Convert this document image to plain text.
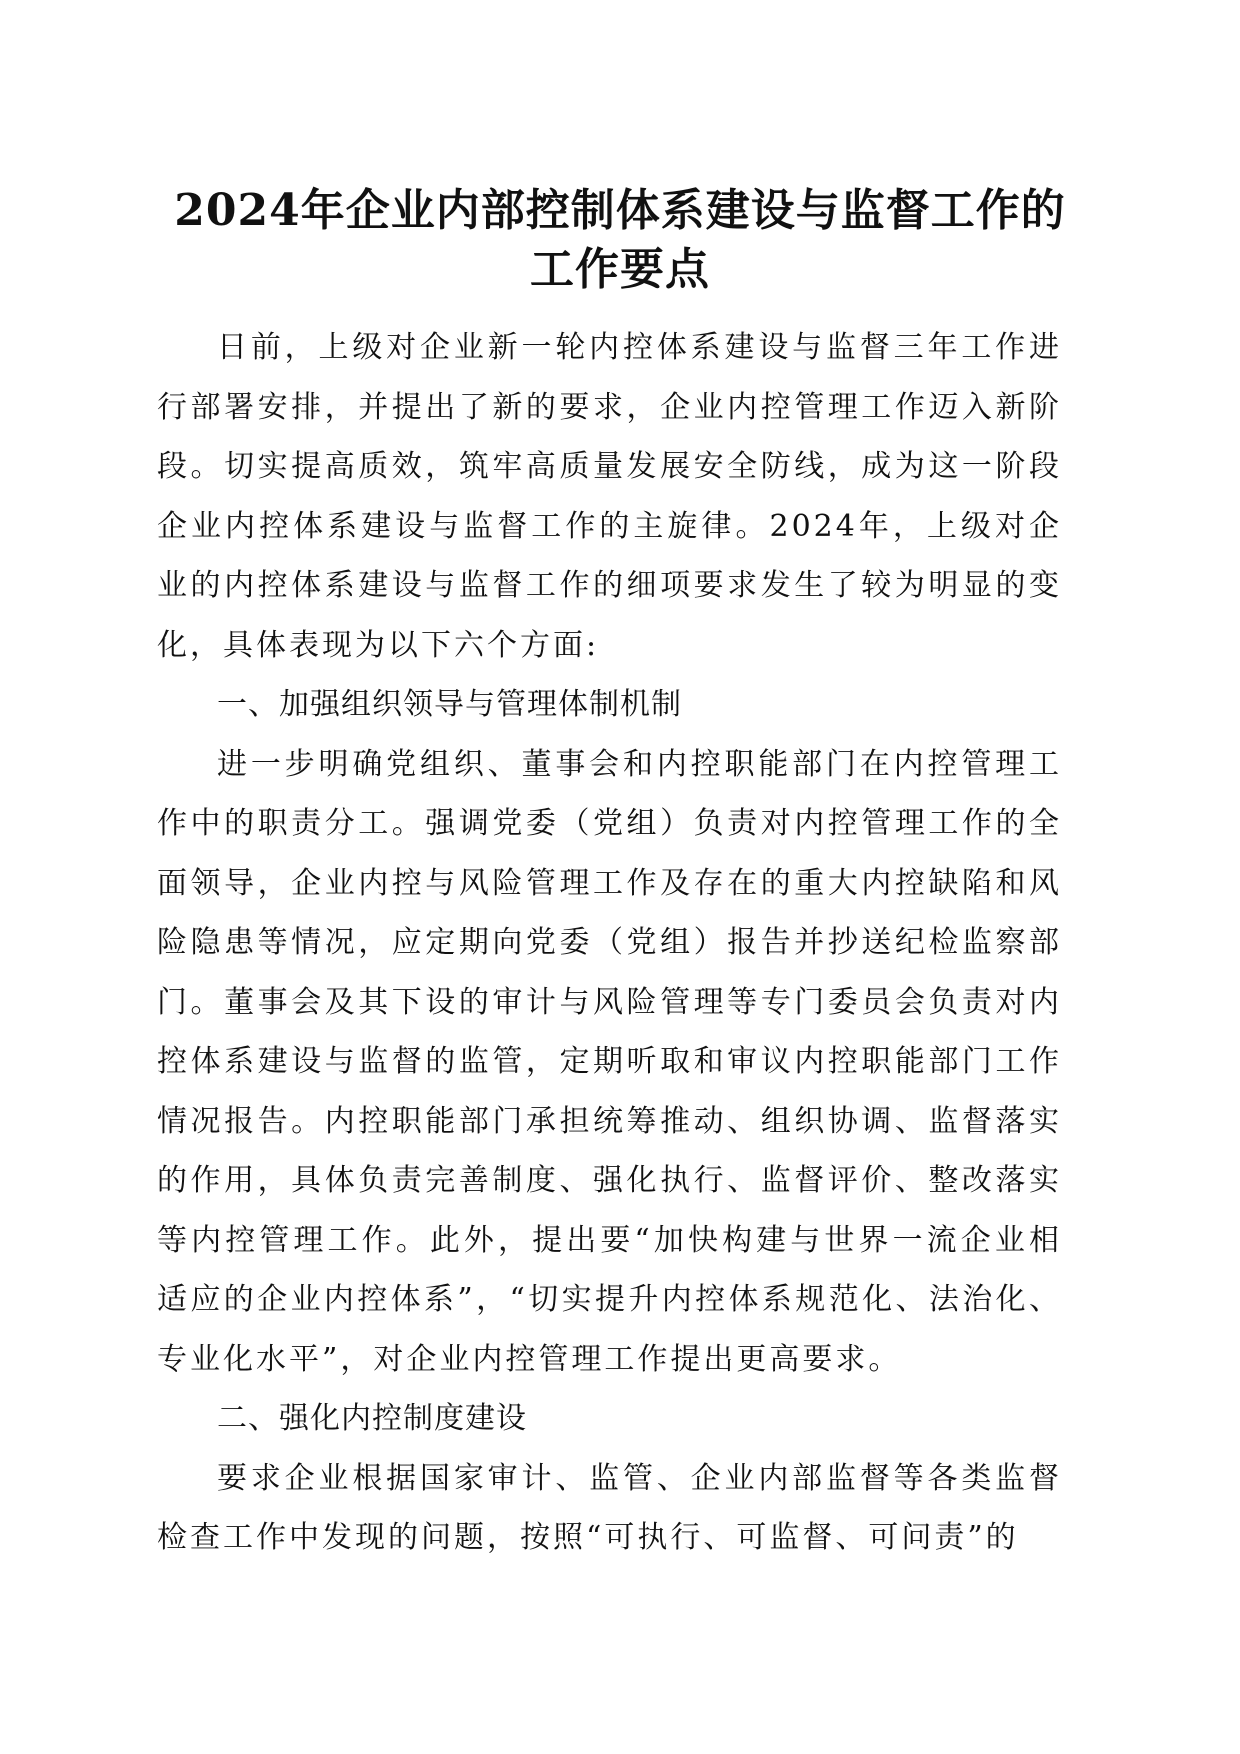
2024年企业内部控制体系建设与监督工作的
工作要点

日前，上级对企业新一轮内控体系建设与监督三年工作进行部署安排，并提出了新的要求，企业内控管理工作迈入新阶段。切实提高质效，筑牢高质量发展安全防线，成为这一阶段企业内控体系建设与监督工作的主旋律。2024年，上级对企业的内控体系建设与监督工作的细项要求发生了较为明显的变化，具体表现为以下六个方面:

一、加强组织领导与管理体制机制

进一步明确党组织、董事会和内控职能部门在内控管理工作中的职责分工。强调党委（党组）负责对内控管理工作的全面领导，企业内控与风险管理工作及存在的重大内控缺陷和风险隐患等情况，应定期向党委（党组）报告并抄送纪检监察部门。董事会及其下设的审计与风险管理等专门委员会负责对内控体系建设与监督的监管，定期听取和审议内控职能部门工作情况报告。内控职能部门承担统筹推动、组织协调、监督落实的作用，具体负责完善制度、强化执行、监督评价、整改落实等内控管理工作。此外，提出要“加快构建与世界一流企业相适应的企业内控体系”，“切实提升内控体系规范化、法治化、专业化水平”，对企业内控管理工作提出更高要求。

二、强化内控制度建设

要求企业根据国家审计、监管、企业内部监督等各类监督检查工作中发现的问题，按照“可执行、可监督、可问责”的
